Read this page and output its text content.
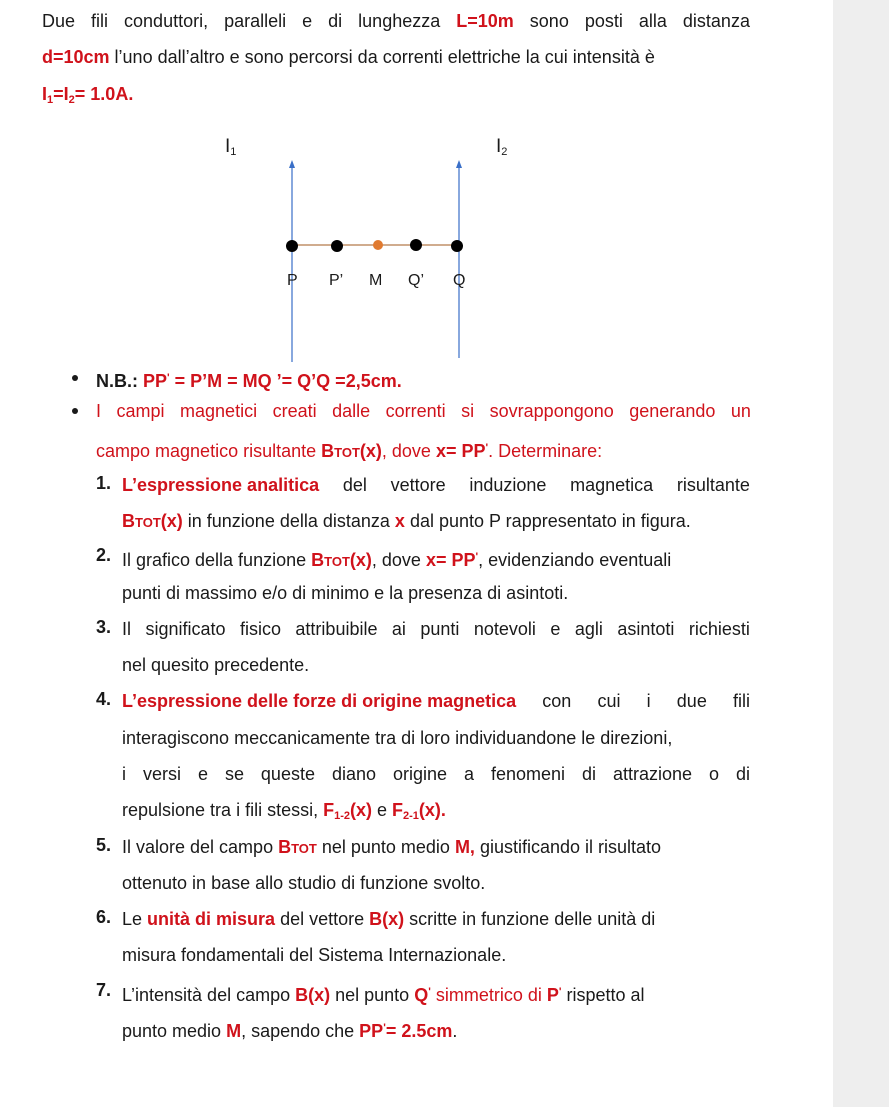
Due fili conduttori, paralleli e di lunghezza L=10m sono posti alla distanza
d=10cm l’uno dall’altro e sono percorsi da correnti elettriche la cui intensità è
$I_1=I_2= 1.0A$.
$I_1$	$I_2$
P P’ M Q’ Q
N.B.: PP' = P’M = MQ ’= Q’Q =2,5cm.
I campi magnetici creati dalle correnti si sovrappongono generando un
campo magnetico risultante BTOT(x), dove x= PP'. Determinare:
1. L’espressione analitica del vettore induzione magnetica risultante
BTOT(x) in funzione della distanza x dal punto P rappresentato in figura.
2. Il grafico della funzione BTOT(x), dove x= PP', evidenziando eventuali
punti di massimo e/o di minimo e la presenza di asintoti.
3. Il significato fisico attribuibile ai punti notevoli e agli asintoti richiesti
nel quesito precedente.
4. L’espressione delle forze di origine magnetica con cui i due fili
interagiscono meccanicamente tra di loro individuandone le direzioni,
i versi e se queste diano origine a fenomeni di attrazione o di
repulsione tra i fili stessi, $F_{1-2}(x)$ e $F_{2-1}(x)$.
5. Il valore del campo BTOT nel punto medio M, giustificando il risultato
ottenuto in base allo studio di funzione svolto.
6. Le unità di misura del vettore B(x) scritte in funzione delle unità di
misura fondamentali del Sistema Internazionale.
7. L’intensità del campo B(x) nel punto Q' simmetrico di P' rispetto al
punto medio M, sapendo che PP'= 2.5cm.
